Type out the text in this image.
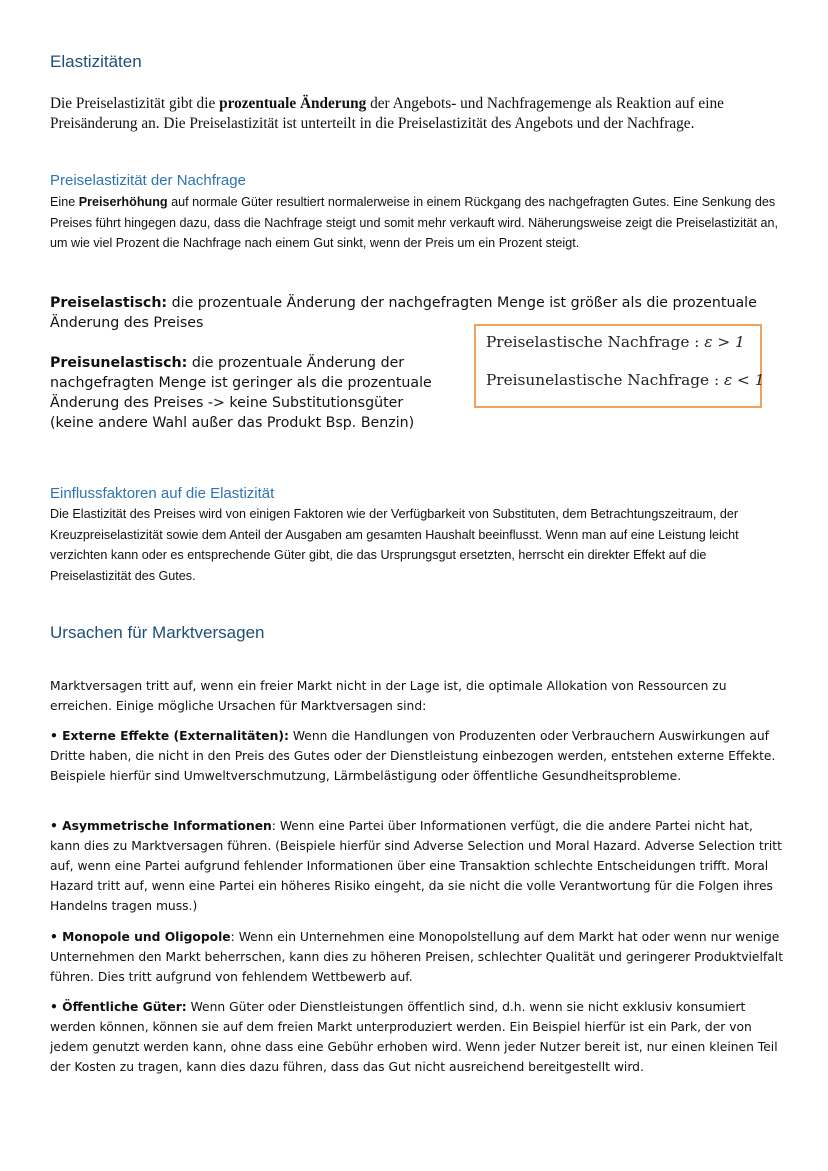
Elastizitäten

Die Preiselastizität gibt die prozentuale Änderung der Angebots- und Nachfragemenge als Reaktion auf eine Preisänderung an. Die Preiselastizität ist unterteilt in die Preiselastizität des Angebots und der Nachfrage.

Preiselastizität der Nachfrage

Eine Preiserhöhung auf normale Güter resultiert normalerweise in einem Rückgang des nachgefragten Gutes. Eine Senkung des Preises führt hingegen dazu, dass die Nachfrage steigt und somit mehr verkauft wird. Näherungsweise zeigt die Preiselastizität an, um wie viel Prozent die Nachfrage nach einem Gut sinkt, wenn der Preis um ein Prozent steigt.

Preiselastisch: die prozentuale Änderung der nachgefragten Menge ist größer als die prozentuale Änderung des Preises

Preisunelastisch: die prozentuale Änderung der nachgefragten Menge ist geringer als die prozentuale Änderung des Preises -> keine Substitutionsgüter (keine andere Wahl außer das Produkt Bsp. Benzin)

Preiselastische Nachfrage : ε > 1
Preisunelastische Nachfrage : ε < 1
Einflussfaktoren auf die Elastizität

Die Elastizität des Preises wird von einigen Faktoren wie der Verfügbarkeit von Substituten, dem Betrachtungszeitraum, der Kreuzpreiselastizität sowie dem Anteil der Ausgaben am gesamten Haushalt beeinflusst. Wenn man auf eine Leistung leicht verzichten kann oder es entsprechende Güter gibt, die das Ursprungsgut ersetzten, herrscht ein direkter Effekt auf die Preiselastizität des Gutes.

Ursachen für Marktversagen

Marktversagen tritt auf, wenn ein freier Markt nicht in der Lage ist, die optimale Allokation von Ressourcen zu erreichen. Einige mögliche Ursachen für Marktversagen sind:

• Externe Effekte (Externalitäten): Wenn die Handlungen von Produzenten oder Verbrauchern Auswirkungen auf Dritte haben, die nicht in den Preis des Gutes oder der Dienstleistung einbezogen werden, entstehen externe Effekte. Beispiele hierfür sind Umweltverschmutzung, Lärmbelästigung oder öffentliche Gesundheitsprobleme.

• Asymmetrische Informationen: Wenn eine Partei über Informationen verfügt, die die andere Partei nicht hat, kann dies zu Marktversagen führen. (Beispiele hierfür sind Adverse Selection und Moral Hazard. Adverse Selection tritt auf, wenn eine Partei aufgrund fehlender Informationen über eine Transaktion schlechte Entscheidungen trifft. Moral Hazard tritt auf, wenn eine Partei ein höheres Risiko eingeht, da sie nicht die volle Verantwortung für die Folgen ihres Handelns tragen muss.)

• Monopole und Oligopole: Wenn ein Unternehmen eine Monopolstellung auf dem Markt hat oder wenn nur wenige Unternehmen den Markt beherrschen, kann dies zu höheren Preisen, schlechter Qualität und geringerer Produktvielfalt führen. Dies tritt aufgrund von fehlendem Wettbewerb auf.

• Öffentliche Güter: Wenn Güter oder Dienstleistungen öffentlich sind, d.h. wenn sie nicht exklusiv konsumiert werden können, können sie auf dem freien Markt unterproduziert werden. Ein Beispiel hierfür ist ein Park, der von jedem genutzt werden kann, ohne dass eine Gebühr erhoben wird. Wenn jeder Nutzer bereit ist, nur einen kleinen Teil der Kosten zu tragen, kann dies dazu führen, dass das Gut nicht ausreichend bereitgestellt wird.
